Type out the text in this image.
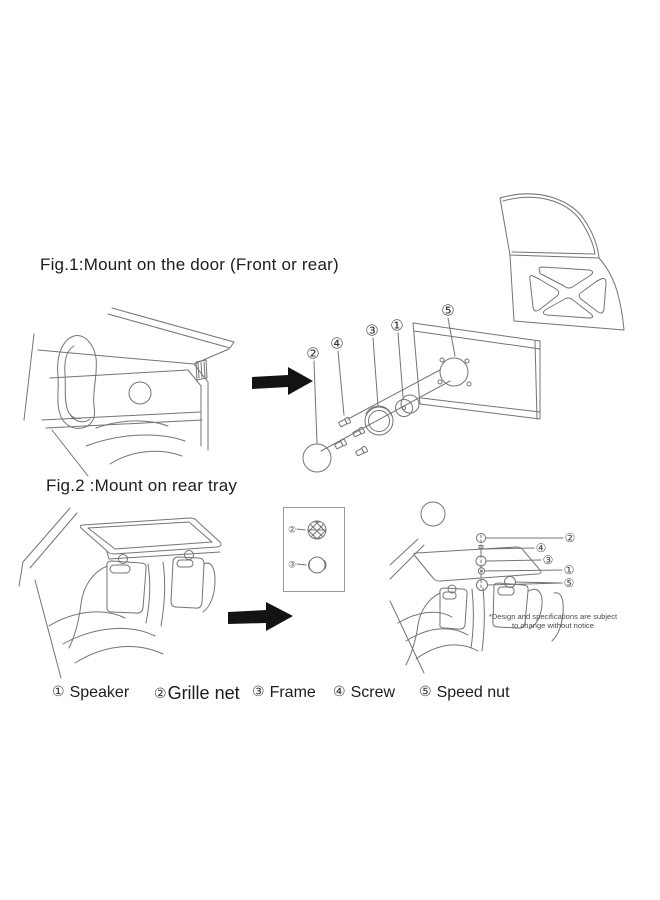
Fig.1:Mount on the door (Front or rear)
②
④
③ ①
⑤
Fig.2 :Mount on rear tray
②
③
②
④
③
①
⑤
*Design and specifications are subject
to change without notice
① Speaker ②Grille net ③ Frame ④ Screw ⑤ Speed nut
